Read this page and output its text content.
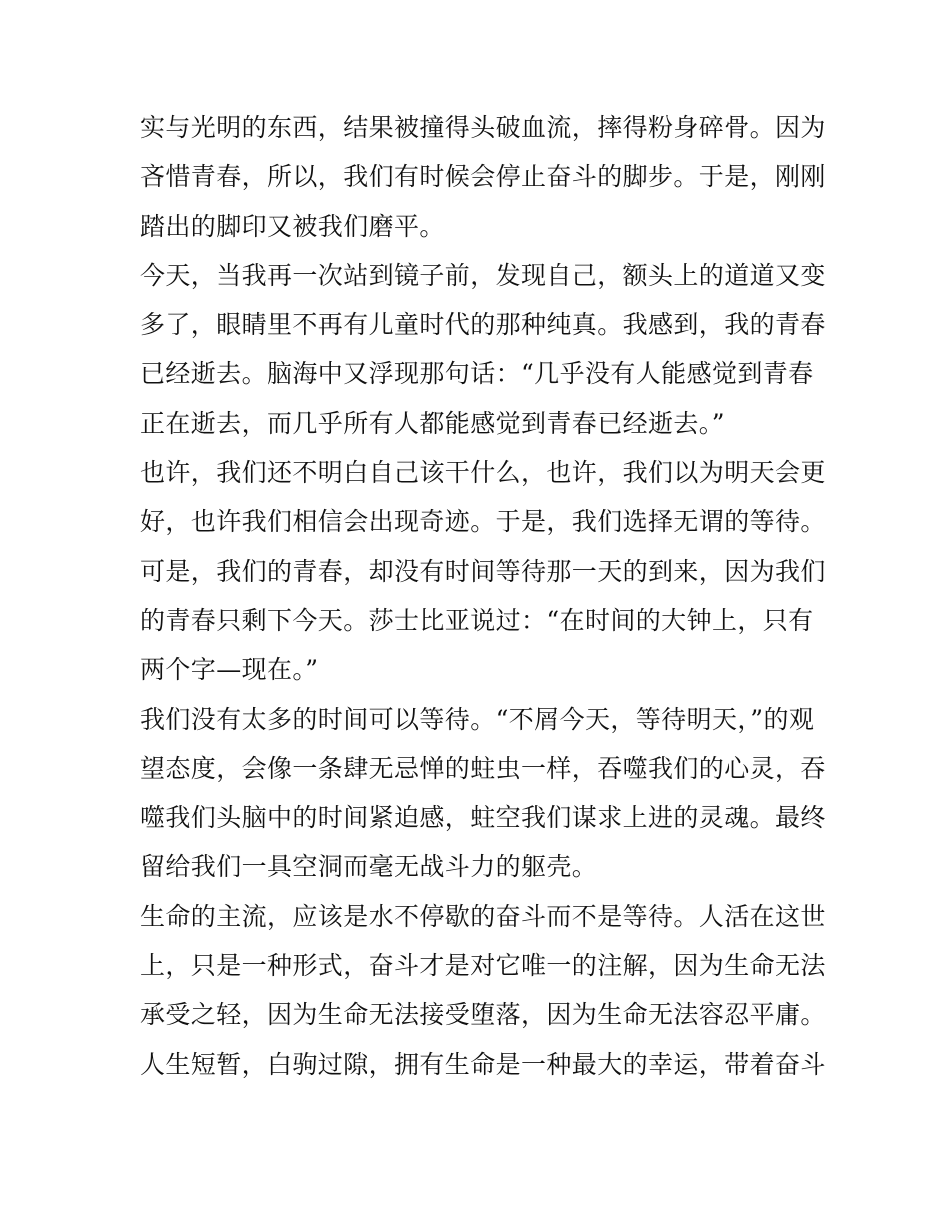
实与光明的东西，结果被撞得头破血流，摔得粉身碎骨。因为
吝惜青春，所以，我们有时候会停止奋斗的脚步。于是，刚刚
踏出的脚印又被我们磨平。
今天，当我再一次站到镜子前，发现自己，额头上的道道又变
多了，眼睛里不再有儿童时代的那种纯真。我感到，我的青春
已经逝去。脑海中又浮现那句话：“几乎没有人能感觉到青春
正在逝去，而几乎所有人都能感觉到青春已经逝去。”
也许，我们还不明白自己该干什么，也许，我们以为明天会更
好，也许我们相信会出现奇迹。于是，我们选择无谓的等待。
可是，我们的青春，却没有时间等待那一天的到来，因为我们
的青春只剩下今天。莎士比亚说过：“在时间的大钟上，只有
两个字—现在。”
我们没有太多的时间可以等待。“不屑今天，等待明天，”的观
望态度，会像一条肆无忌惮的蛀虫一样，吞噬我们的心灵，吞
噬我们头脑中的时间紧迫感，蛀空我们谋求上进的灵魂。最终
留给我们一具空洞而毫无战斗力的躯壳。
生命的主流，应该是水不停歇的奋斗而不是等待。人活在这世
上，只是一种形式，奋斗才是对它唯一的注解，因为生命无法
承受之轻，因为生命无法接受堕落，因为生命无法容忍平庸。
人生短暂，白驹过隙，拥有生命是一种最大的幸运，带着奋斗
